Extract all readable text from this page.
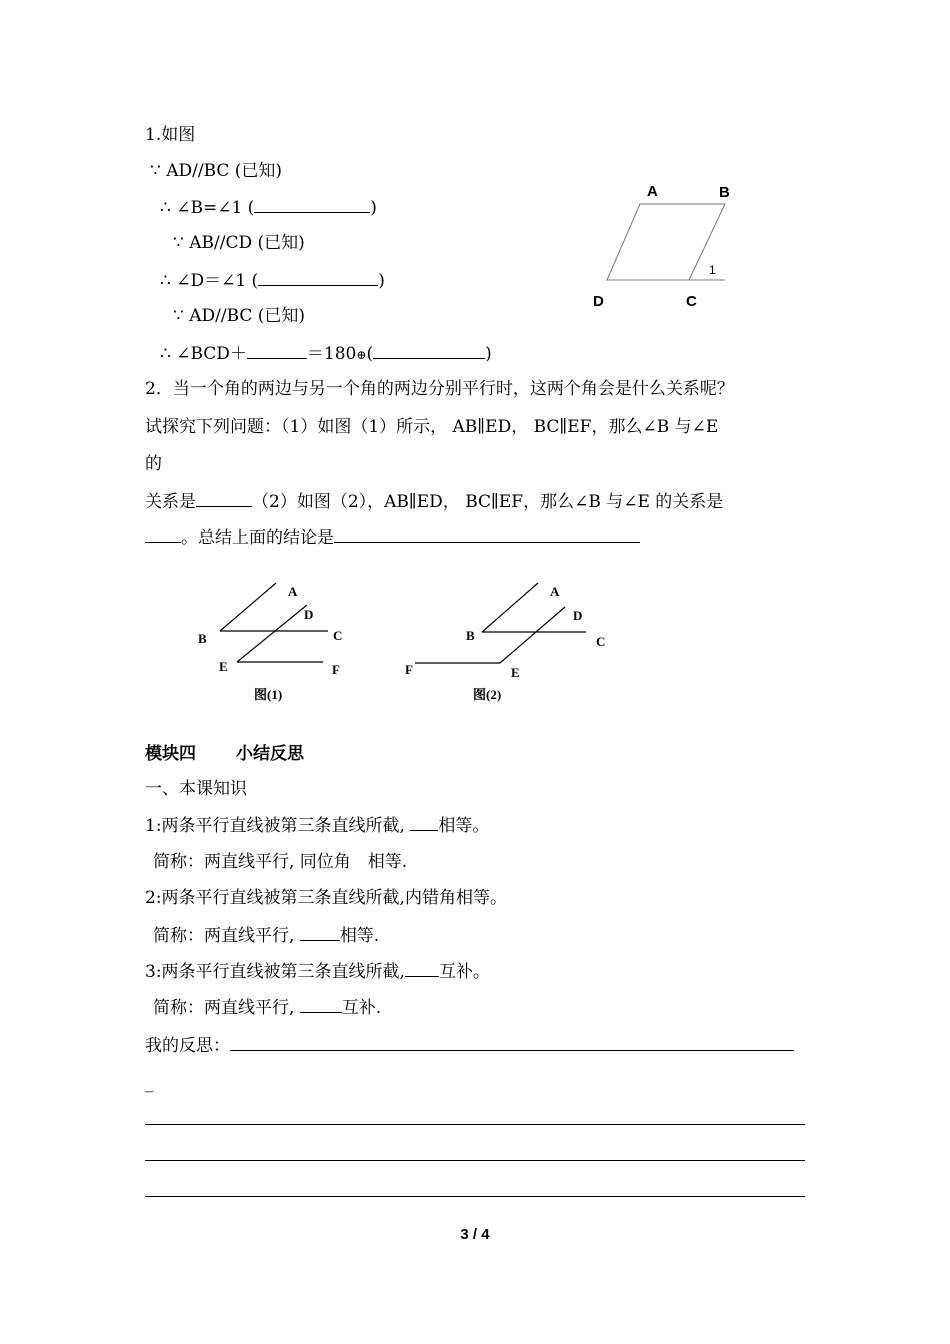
1.如图
∵ AD//BC (已知)
∴ ∠B=∠1 (	)
∵ AB//CD (已知)
∴ ∠D＝∠1 (	)
∵ AD//BC (已知)
∴ ∠BCD＋	＝180⊕(	)
A	B
C
D
1
2．当一个角的两边与另一个角的两边分别平行时，这两个角会是什么关系呢？
试探究下列问题：（1）如图（1）所示， AB∥ED， BC∥EF，那么∠B 与∠E
的
关系是	（2）如图（2），AB∥ED， BC∥EF，那么∠B 与∠E 的关系是
。总结上面的结论是
A
D
B	C
E	F
图(1)
A
D
B	C
F	E
图(2)
模块四 小结反思
一、本课知识
1:两条平行直线被第三条直线所截, 相等。
简称：两直线平行, 同位角　相等.
2:两条平行直线被第三条直线所截,内错角相等。
简称：两直线平行, 相等.
3:两条平行直线被第三条直线所截, 互补。
简称：两直线平行, 互补.
我的反思：
_
3 / 4
